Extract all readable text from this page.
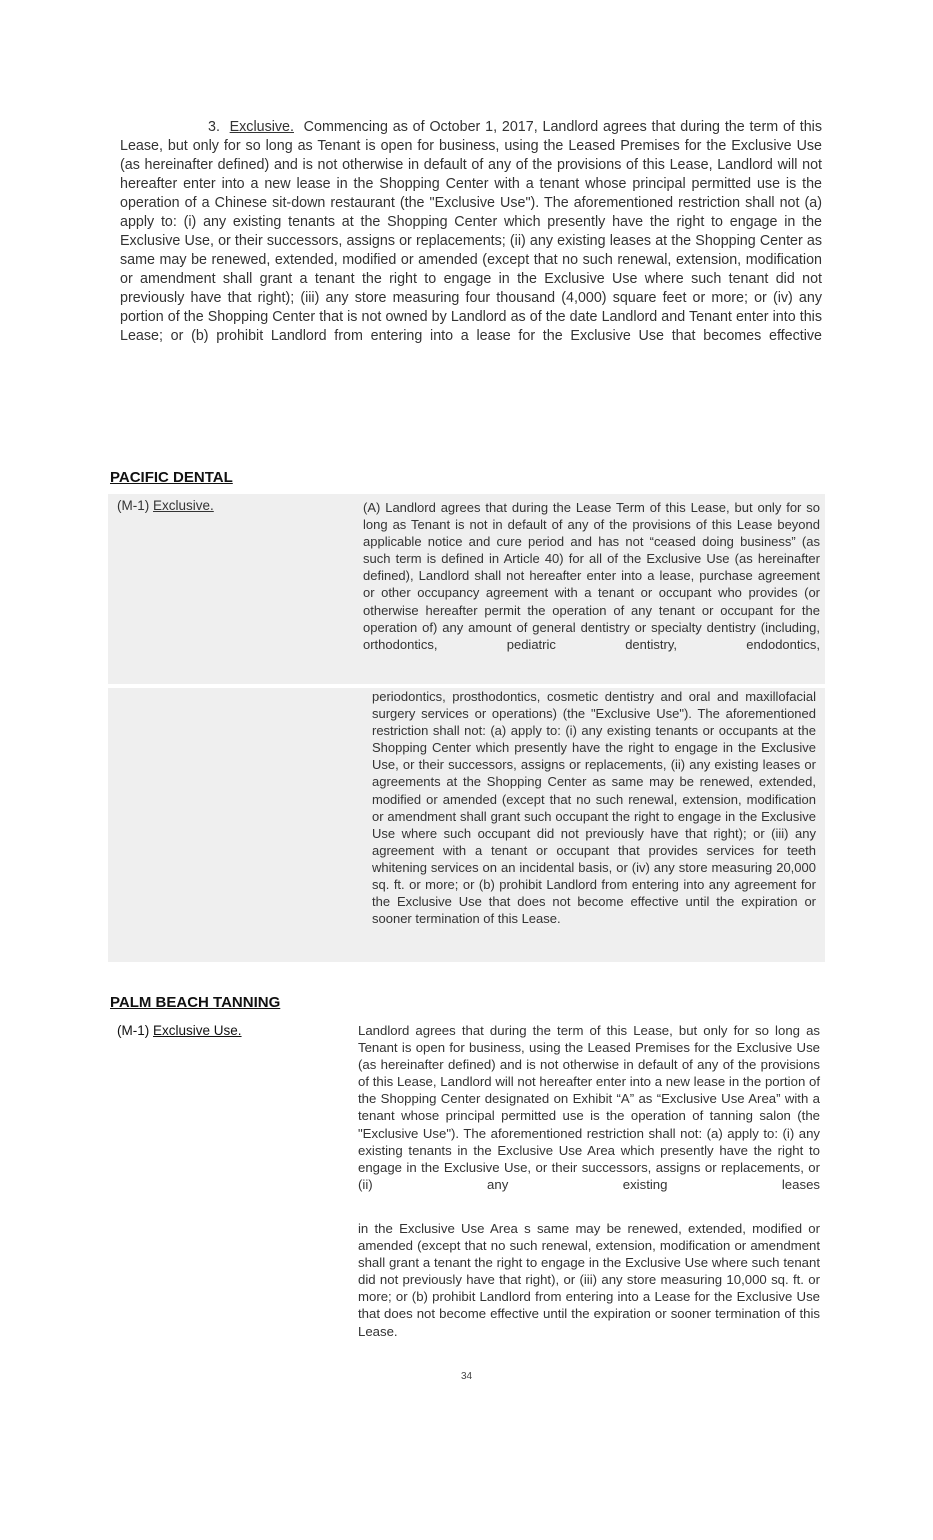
3. Exclusive. Commencing as of October 1, 2017, Landlord agrees that during the term of this Lease, but only for so long as Tenant is open for business, using the Leased Premises for the Exclusive Use (as hereinafter defined) and is not otherwise in default of any of the provisions of this Lease, Landlord will not hereafter enter into a new lease in the Shopping Center with a tenant whose principal permitted use is the operation of a Chinese sit-down restaurant (the "Exclusive Use"). The aforementioned restriction shall not (a) apply to: (i) any existing tenants at the Shopping Center which presently have the right to engage in the Exclusive Use, or their successors, assigns or replacements; (ii) any existing leases at the Shopping Center as same may be renewed, extended, modified or amended (except that no such renewal, extension, modification or amendment shall grant a tenant the right to engage in the Exclusive Use where such tenant did not previously have that right); (iii) any store measuring four thousand (4,000) square feet or more; or (iv) any portion of the Shopping Center that is not owned by Landlord as of the date Landlord and Tenant enter into this Lease; or (b) prohibit Landlord from entering into a lease for the Exclusive Use that becomes effective

PACIFIC DENTAL
(M-1) Exclusive.	(A) Landlord agrees that during the Lease Term of this Lease, but only for so long as Tenant is not in default of any of the provisions of this Lease beyond applicable notice and cure period and has not “ceased doing business” (as such term is defined in Article 40) for all of the Exclusive Use (as hereinafter defined), Landlord shall not hereafter enter into a lease, purchase agreement or other occupancy agreement with a tenant or occupant who provides (or otherwise hereafter permit the operation of any tenant or occupant for the operation of) any amount of general dentistry or specialty dentistry (including, orthodontics, pediatric dentistry, endodontics,

periodontics, prosthodontics, cosmetic dentistry and oral and maxillofacial surgery services or operations) (the "Exclusive Use"). The aforementioned restriction shall not: (a) apply to: (i) any existing tenants or occupants at the Shopping Center which presently have the right to engage in the Exclusive Use, or their successors, assigns or replacements, (ii) any existing leases or agreements at the Shopping Center as same may be renewed, extended, modified or amended (except that no such renewal, extension, modification or amendment shall grant such occupant the right to engage in the Exclusive Use where such occupant did not previously have that right); or (iii) any agreement with a tenant or occupant that provides services for teeth whitening services on an incidental basis, or (iv) any store measuring 20,000 sq. ft. or more; or (b) prohibit Landlord from entering into any agreement for the Exclusive Use that does not become effective until the expiration or sooner termination of this Lease.

PALM BEACH TANNING
(M-1) Exclusive Use.	Landlord agrees that during the term of this Lease, but only for so long as Tenant is open for business, using the Leased Premises for the Exclusive Use (as hereinafter defined) and is not otherwise in default of any of the provisions of this Lease, Landlord will not hereafter enter into a new lease in the portion of the Shopping Center designated on Exhibit “A” as “Exclusive Use Area” with a tenant whose principal permitted use is the operation of tanning salon (the "Exclusive Use"). The aforementioned restriction shall not: (a) apply to: (i) any existing tenants in the Exclusive Use Area which presently have the right to engage in the Exclusive Use, or their successors, assigns or replacements, or (ii) any existing leases

in the Exclusive Use Area s same may be renewed, extended, modified or amended (except that no such renewal, extension, modification or amendment shall grant a tenant the right to engage in the Exclusive Use where such tenant did not previously have that right), or (iii) any store measuring 10,000 sq. ft. or more; or (b) prohibit Landlord from entering into a Lease for the Exclusive Use that does not become effective until the expiration or sooner termination of this Lease.

34
